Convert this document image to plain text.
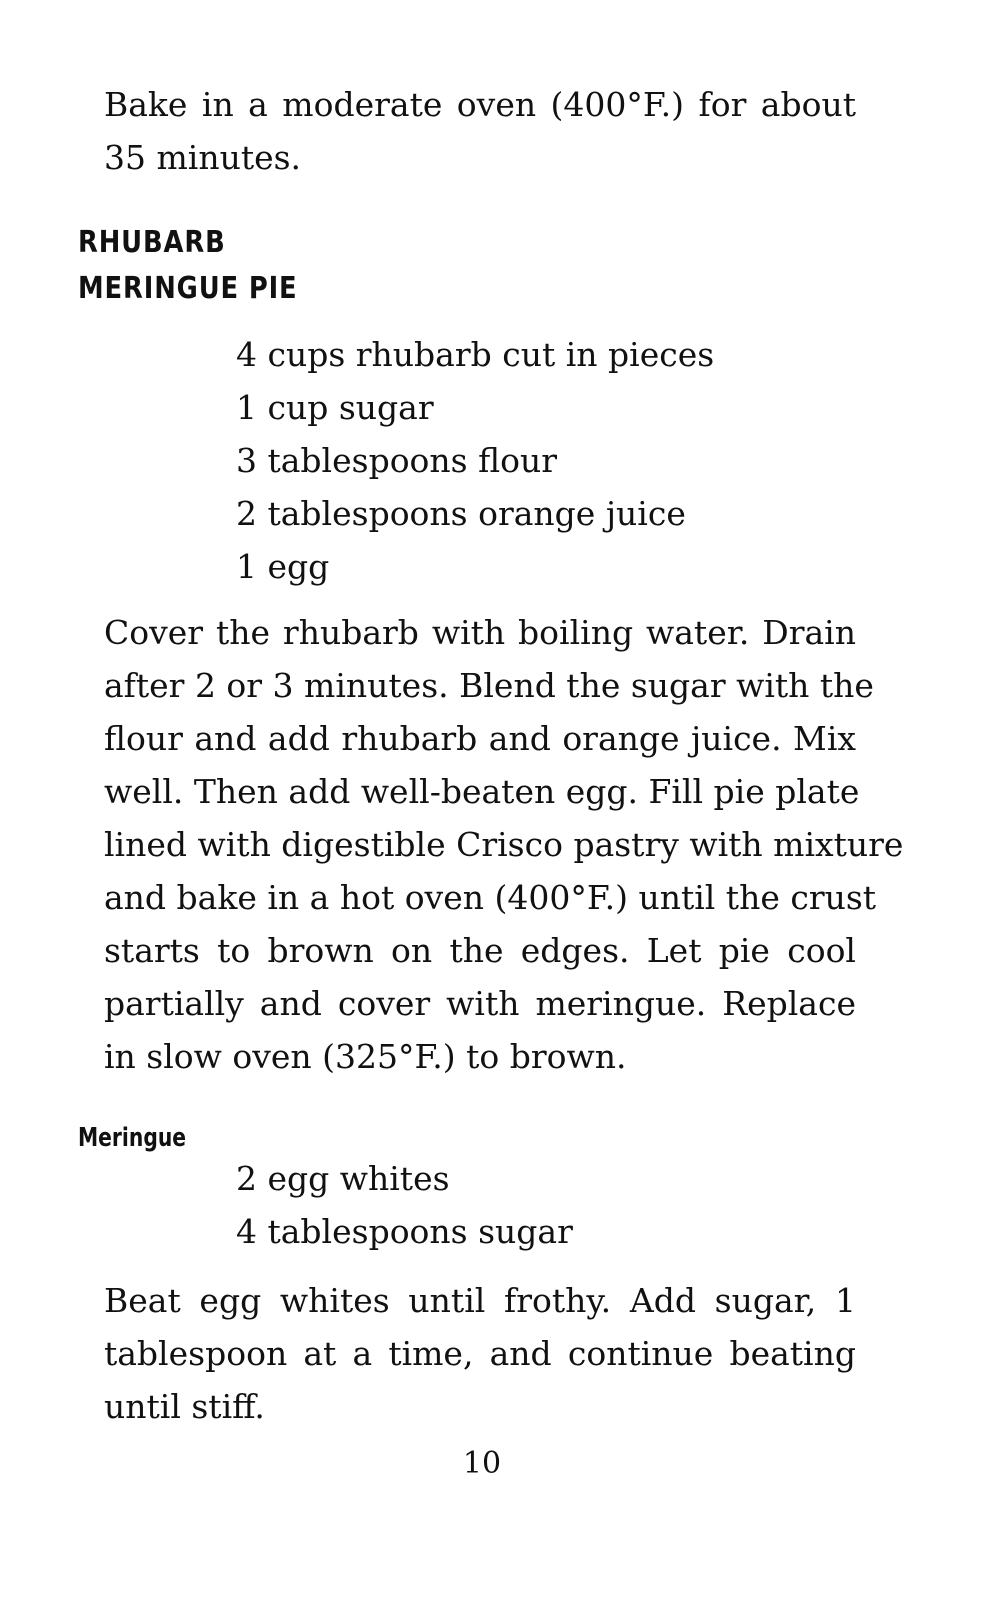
Bake in a moderate oven (400°F.) for about
35 minutes.

RHUBARB
MERINGUE PIE
4 cups rhubarb cut in pieces
1 cup sugar
3 tablespoons flour
2 tablespoons orange juice
1 egg

Cover the rhubarb with boiling water. Drain
after 2 or 3 minutes. Blend the sugar with the
flour and add rhubarb and orange juice. Mix
well. Then add well-beaten egg. Fill pie plate
lined with digestible Crisco pastry with mixture
and bake in a hot oven (400°F.) until the crust
starts to brown on the edges. Let pie cool
partially and cover with meringue. Replace
in slow oven (325°F.) to brown.

Meringue
2 egg whites
4 tablespoons sugar

Beat egg whites until frothy. Add sugar, 1
tablespoon at a time, and continue beating
until stiff.

10
